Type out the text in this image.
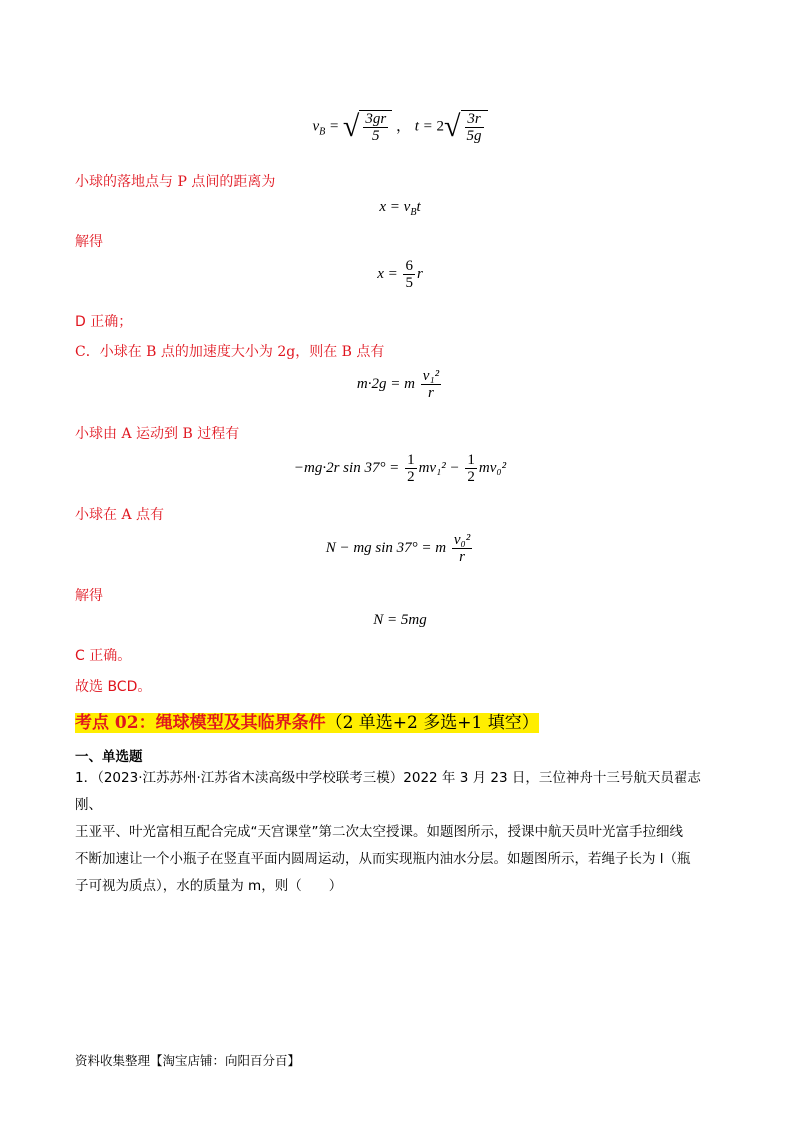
$v_B$ = √ $\frac{3gr}{5}$ ， $t = 2√ \frac{3r}{5g}$
小球的落地点与 P 点间的距离为
$x = v_Bt$
解得
$x = \frac{6}{5}$ r
D 正确；
C．小球在 B 点的加速度大小为 2g，则在 B 点有
m·2g = m $\frac{\text{v₁²}}{r}$
小球由 A 运动到 B 过程有
−mg·2r $\sin 37^\circ = \frac{1}{2} mv_1^2 - \frac{1}{2} mv_0^2$
小球在 A 点有
N − mg sin 37° = m $\frac{\text{v₀²}}{r}$
解得
N = 5mg
C 正确。
故选 BCD。
考点 02：绳球模型及其临界条件（2 单选+2 多选+1 填空）
一、单选题
1．（2023·江苏苏州·江苏省木渎高级中学校联考三模）2022 年 3 月 23 日，三位神舟十三号航天员翟志刚、
王亚平、叶光富相互配合完成“天宫课堂”第二次太空授课。如题图所示，授课中航天员叶光富手拉细线
不断加速让一个小瓶子在竖直平面内圆周运动，从而实现瓶内油水分层。如题图所示，若绳子长为 l（瓶
子可视为质点），水的质量为 m，则（　　）
资料收集整理【淘宝店铺：向阳百分百】
